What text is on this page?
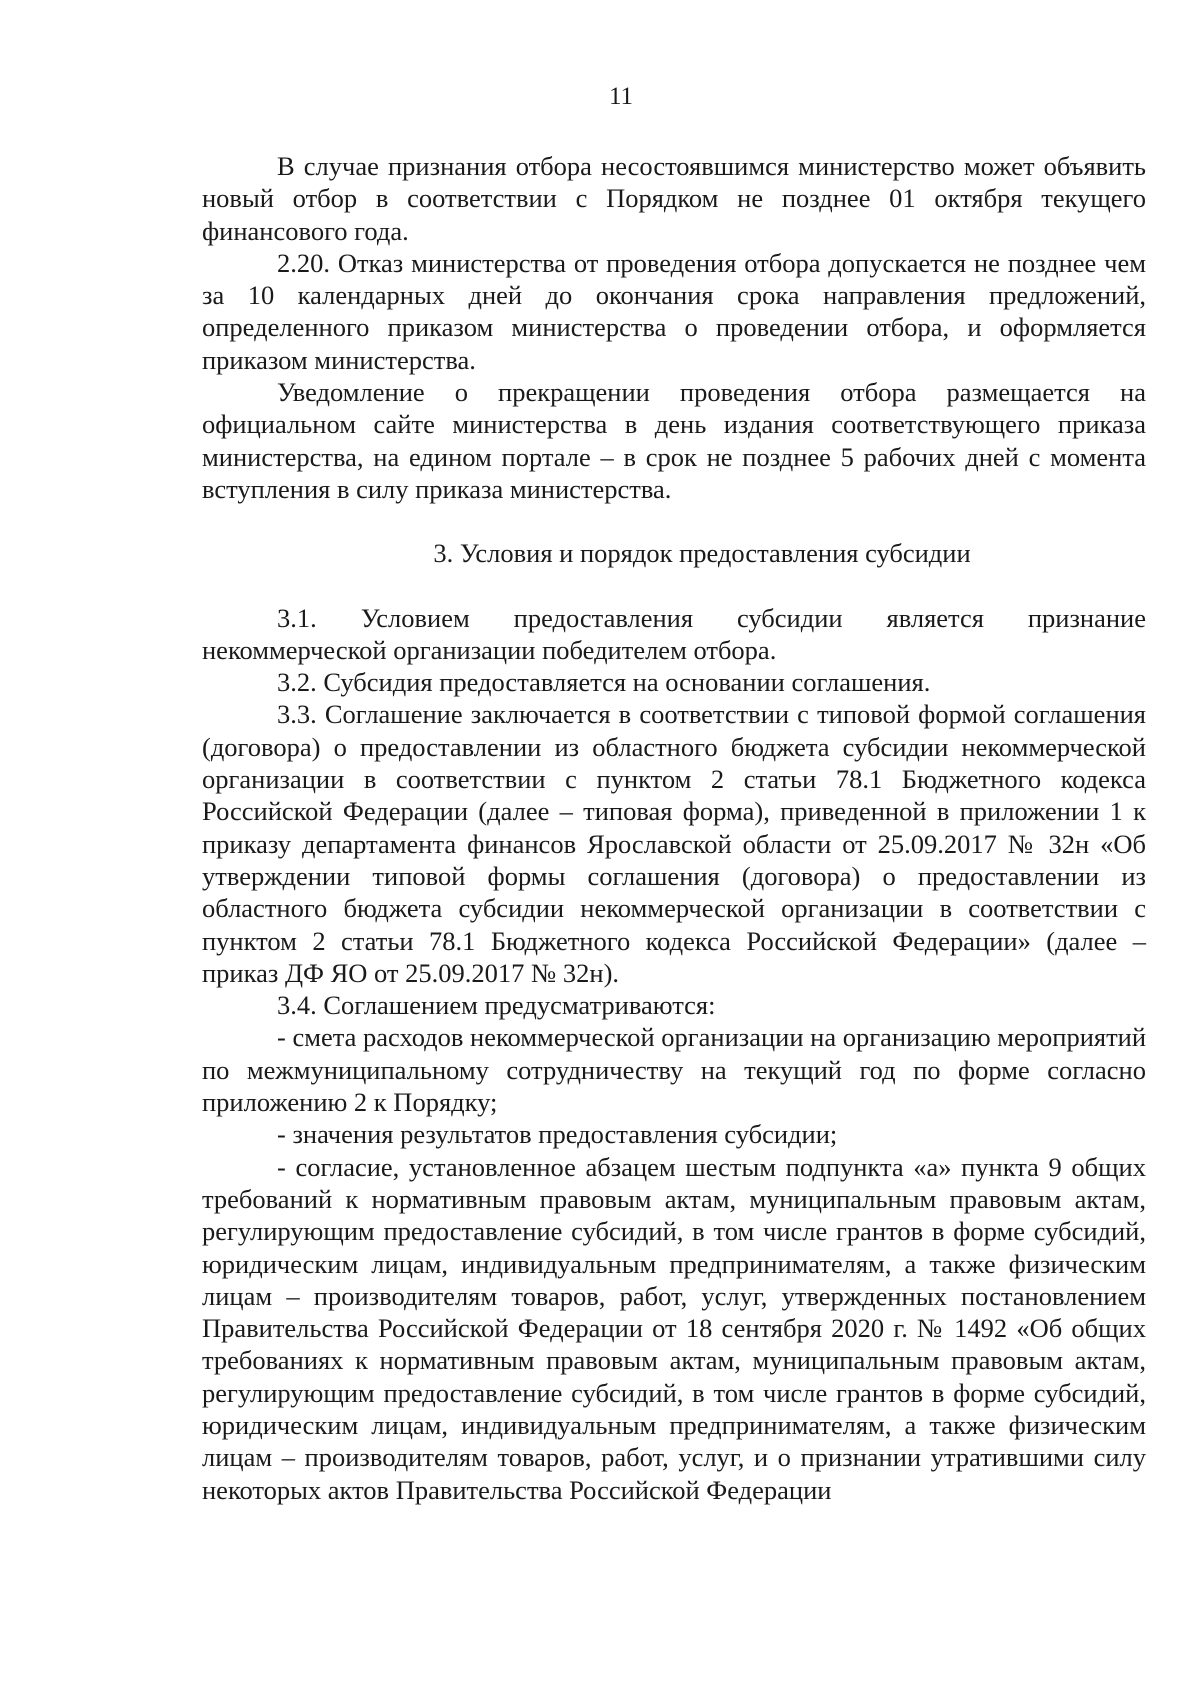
11

В случае признания отбора несостоявшимся министерство может объявить новый отбор в соответствии с Порядком не позднее 01 октября текущего финансового года.

2.20. Отказ министерства от проведения отбора допускается не позднее чем за 10 календарных дней до окончания срока направления предложений, определенного приказом министерства о проведении отбора, и оформляется приказом министерства.

Уведомление о прекращении проведения отбора размещается на официальном сайте министерства в день издания соответствующего приказа министерства, на едином портале – в срок не позднее 5 рабочих дней с момента вступления в силу приказа министерства.

3. Условия и порядок предоставления субсидии

3.1. Условием предоставления субсидии является признание некоммерческой организации победителем отбора.

3.2. Субсидия предоставляется на основании соглашения.

3.3. Соглашение заключается в соответствии с типовой формой соглашения (договора) о предоставлении из областного бюджета субсидии некоммерческой организации в соответствии с пунктом 2 статьи 78.1 Бюджетного кодекса Российской Федерации (далее – типовая форма), приведенной в приложении 1 к приказу департамента финансов Ярославской области от 25.09.2017 № 32н «Об утверждении типовой формы соглашения (договора) о предоставлении из областного бюджета субсидии некоммерческой организации в соответствии с пунктом 2 статьи 78.1 Бюджетного кодекса Российской Федерации» (далее – приказ ДФ ЯО от 25.09.2017 № 32н).

3.4. Соглашением предусматриваются:

- смета расходов некоммерческой организации на организацию мероприятий по межмуниципальному сотрудничеству на текущий год по форме согласно приложению 2 к Порядку;

- значения результатов предоставления субсидии;

- согласие, установленное абзацем шестым подпункта «а» пункта 9 общих требований к нормативным правовым актам, муниципальным правовым актам, регулирующим предоставление субсидий, в том числе грантов в форме субсидий, юридическим лицам, индивидуальным предпринимателям, а также физическим лицам – производителям товаров, работ, услуг, утвержденных постановлением Правительства Российской Федерации от 18 сентября 2020 г. № 1492 «Об общих требованиях к нормативным правовым актам, муниципальным правовым актам, регулирующим предоставление субсидий, в том числе грантов в форме субсидий, юридическим лицам, индивидуальным предпринимателям, а также физическим лицам – производителям товаров, работ, услуг, и о признании утратившими силу некоторых актов Правительства Российской Федерации
